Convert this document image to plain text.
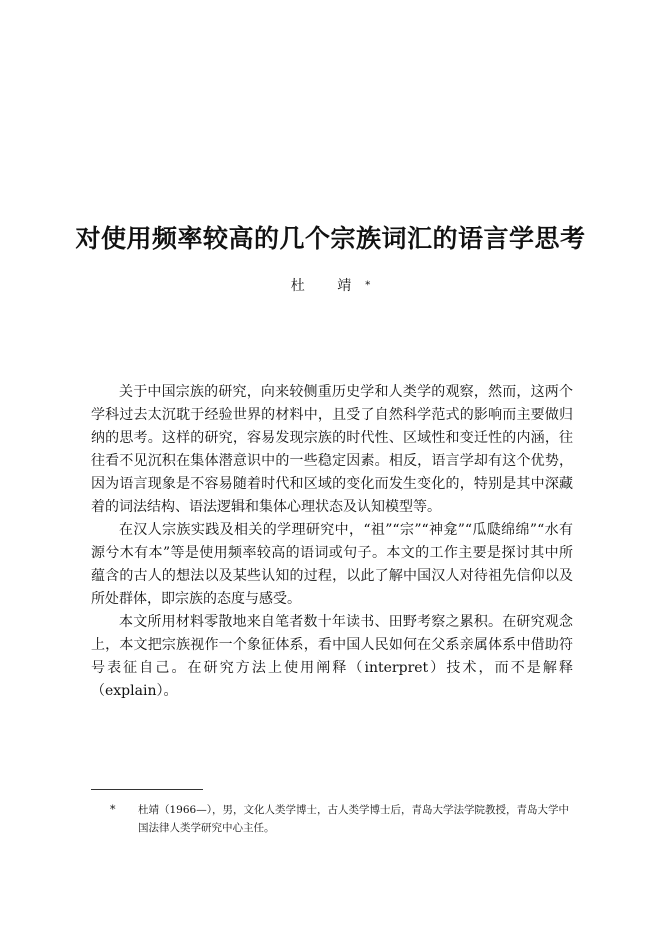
对使用频率较高的几个宗族词汇的语言学思考
杜 靖*

关于中国宗族的研究，向来较侧重历史学和人类学的观察，然而，这两个学科过去太沉耽于经验世界的材料中，且受了自然科学范式的影响而主要做归纳的思考。这样的研究，容易发现宗族的时代性、区域性和变迁性的内涵，往往看不见沉积在集体潜意识中的一些稳定因素。相反，语言学却有这个优势，因为语言现象是不容易随着时代和区域的变化而发生变化的，特别是其中深藏着的词法结构、语法逻辑和集体心理状态及认知模型等。

在汉人宗族实践及相关的学理研究中，“祖”“宗”“神龛”“瓜瓞绵绵”“水有源兮木有本”等是使用频率较高的语词或句子。本文的工作主要是探讨其中所蕴含的古人的想法以及某些认知的过程，以此了解中国汉人对待祖先信仰以及所处群体，即宗族的态度与感受。

本文所用材料零散地来自笔者数十年读书、田野考察之累积。在研究观念上，本文把宗族视作一个象征体系，看中国人民如何在父系亲属体系中借助符号表征自己。在研究方法上使用阐释（interpret）技术，而不是解释（explain）。

* 杜靖（1966—），男，文化人类学博士，古人类学博士后，青岛大学法学院教授，青岛大学中国法律人类学研究中心主任。
